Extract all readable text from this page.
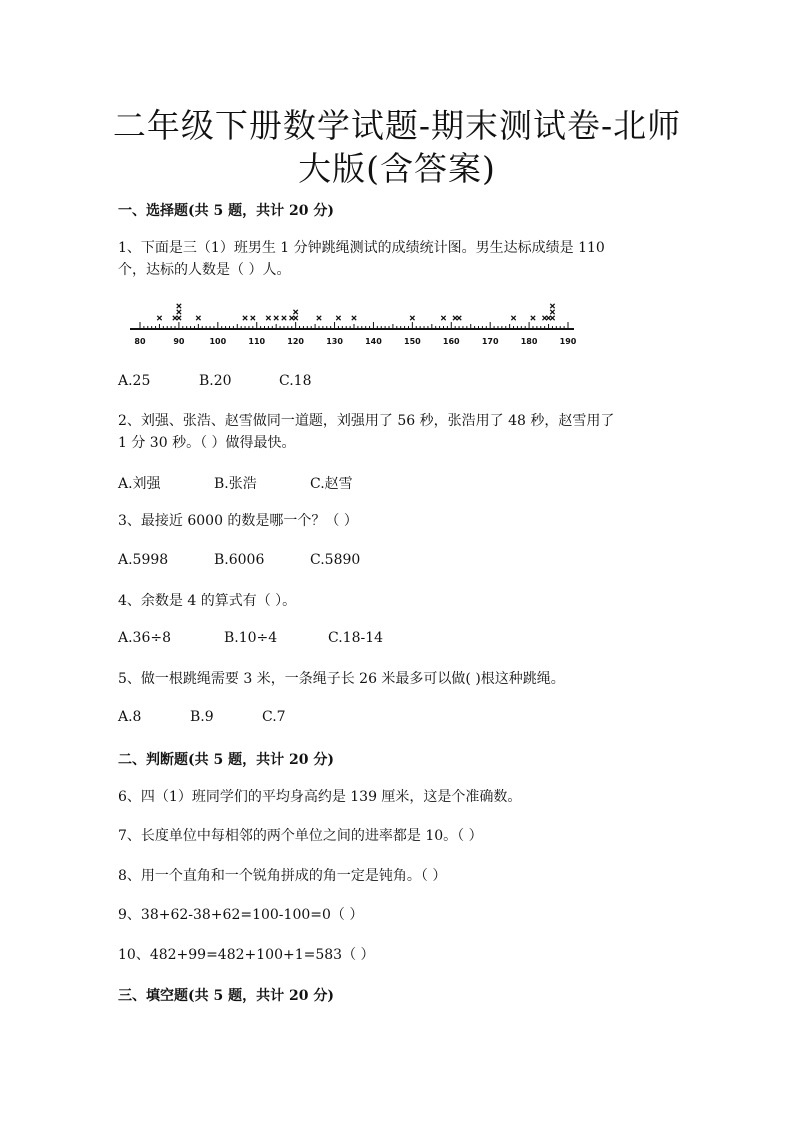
二年级下册数学试题-期末测试卷-北师
大版(含答案)
一、选择题(共 5 题，共计 20 分)
1、下面是三（1）班男生 1 分钟跳绳测试的成绩统计图。男生达标成绩是 110
个，达标的人数是（ ）人。
80	90	100	110	120	130	140	150	160	170	180	190
A.25	B.20	C.18
2、刘强、张浩、赵雪做同一道题，刘强用了 56 秒，张浩用了 48 秒，赵雪用了
1 分 30 秒。（ ）做得最快。
A.刘强	B.张浩	C.赵雪
3、最接近 6000 的数是哪一个？（ ）
A.5998	B.6006	C.5890
4、余数是 4 的算式有（ ）。
A.36÷8	B.10÷4	C.18-14
5、做一根跳绳需要 3 米，一条绳子长 26 米最多可以做( )根这种跳绳。
A.8	B.9	C.7
二、判断题(共 5 题，共计 20 分)
6、四（1）班同学们的平均身高约是 139 厘米，这是个准确数。
7、长度单位中每相邻的两个单位之间的进率都是 10。（ ）
8、用一个直角和一个锐角拼成的角一定是钝角。（ ）
9、38+62-38+62=100-100=0（ ）
10、482+99=482+100+1=583（ ）
三、填空题(共 5 题，共计 20 分)
